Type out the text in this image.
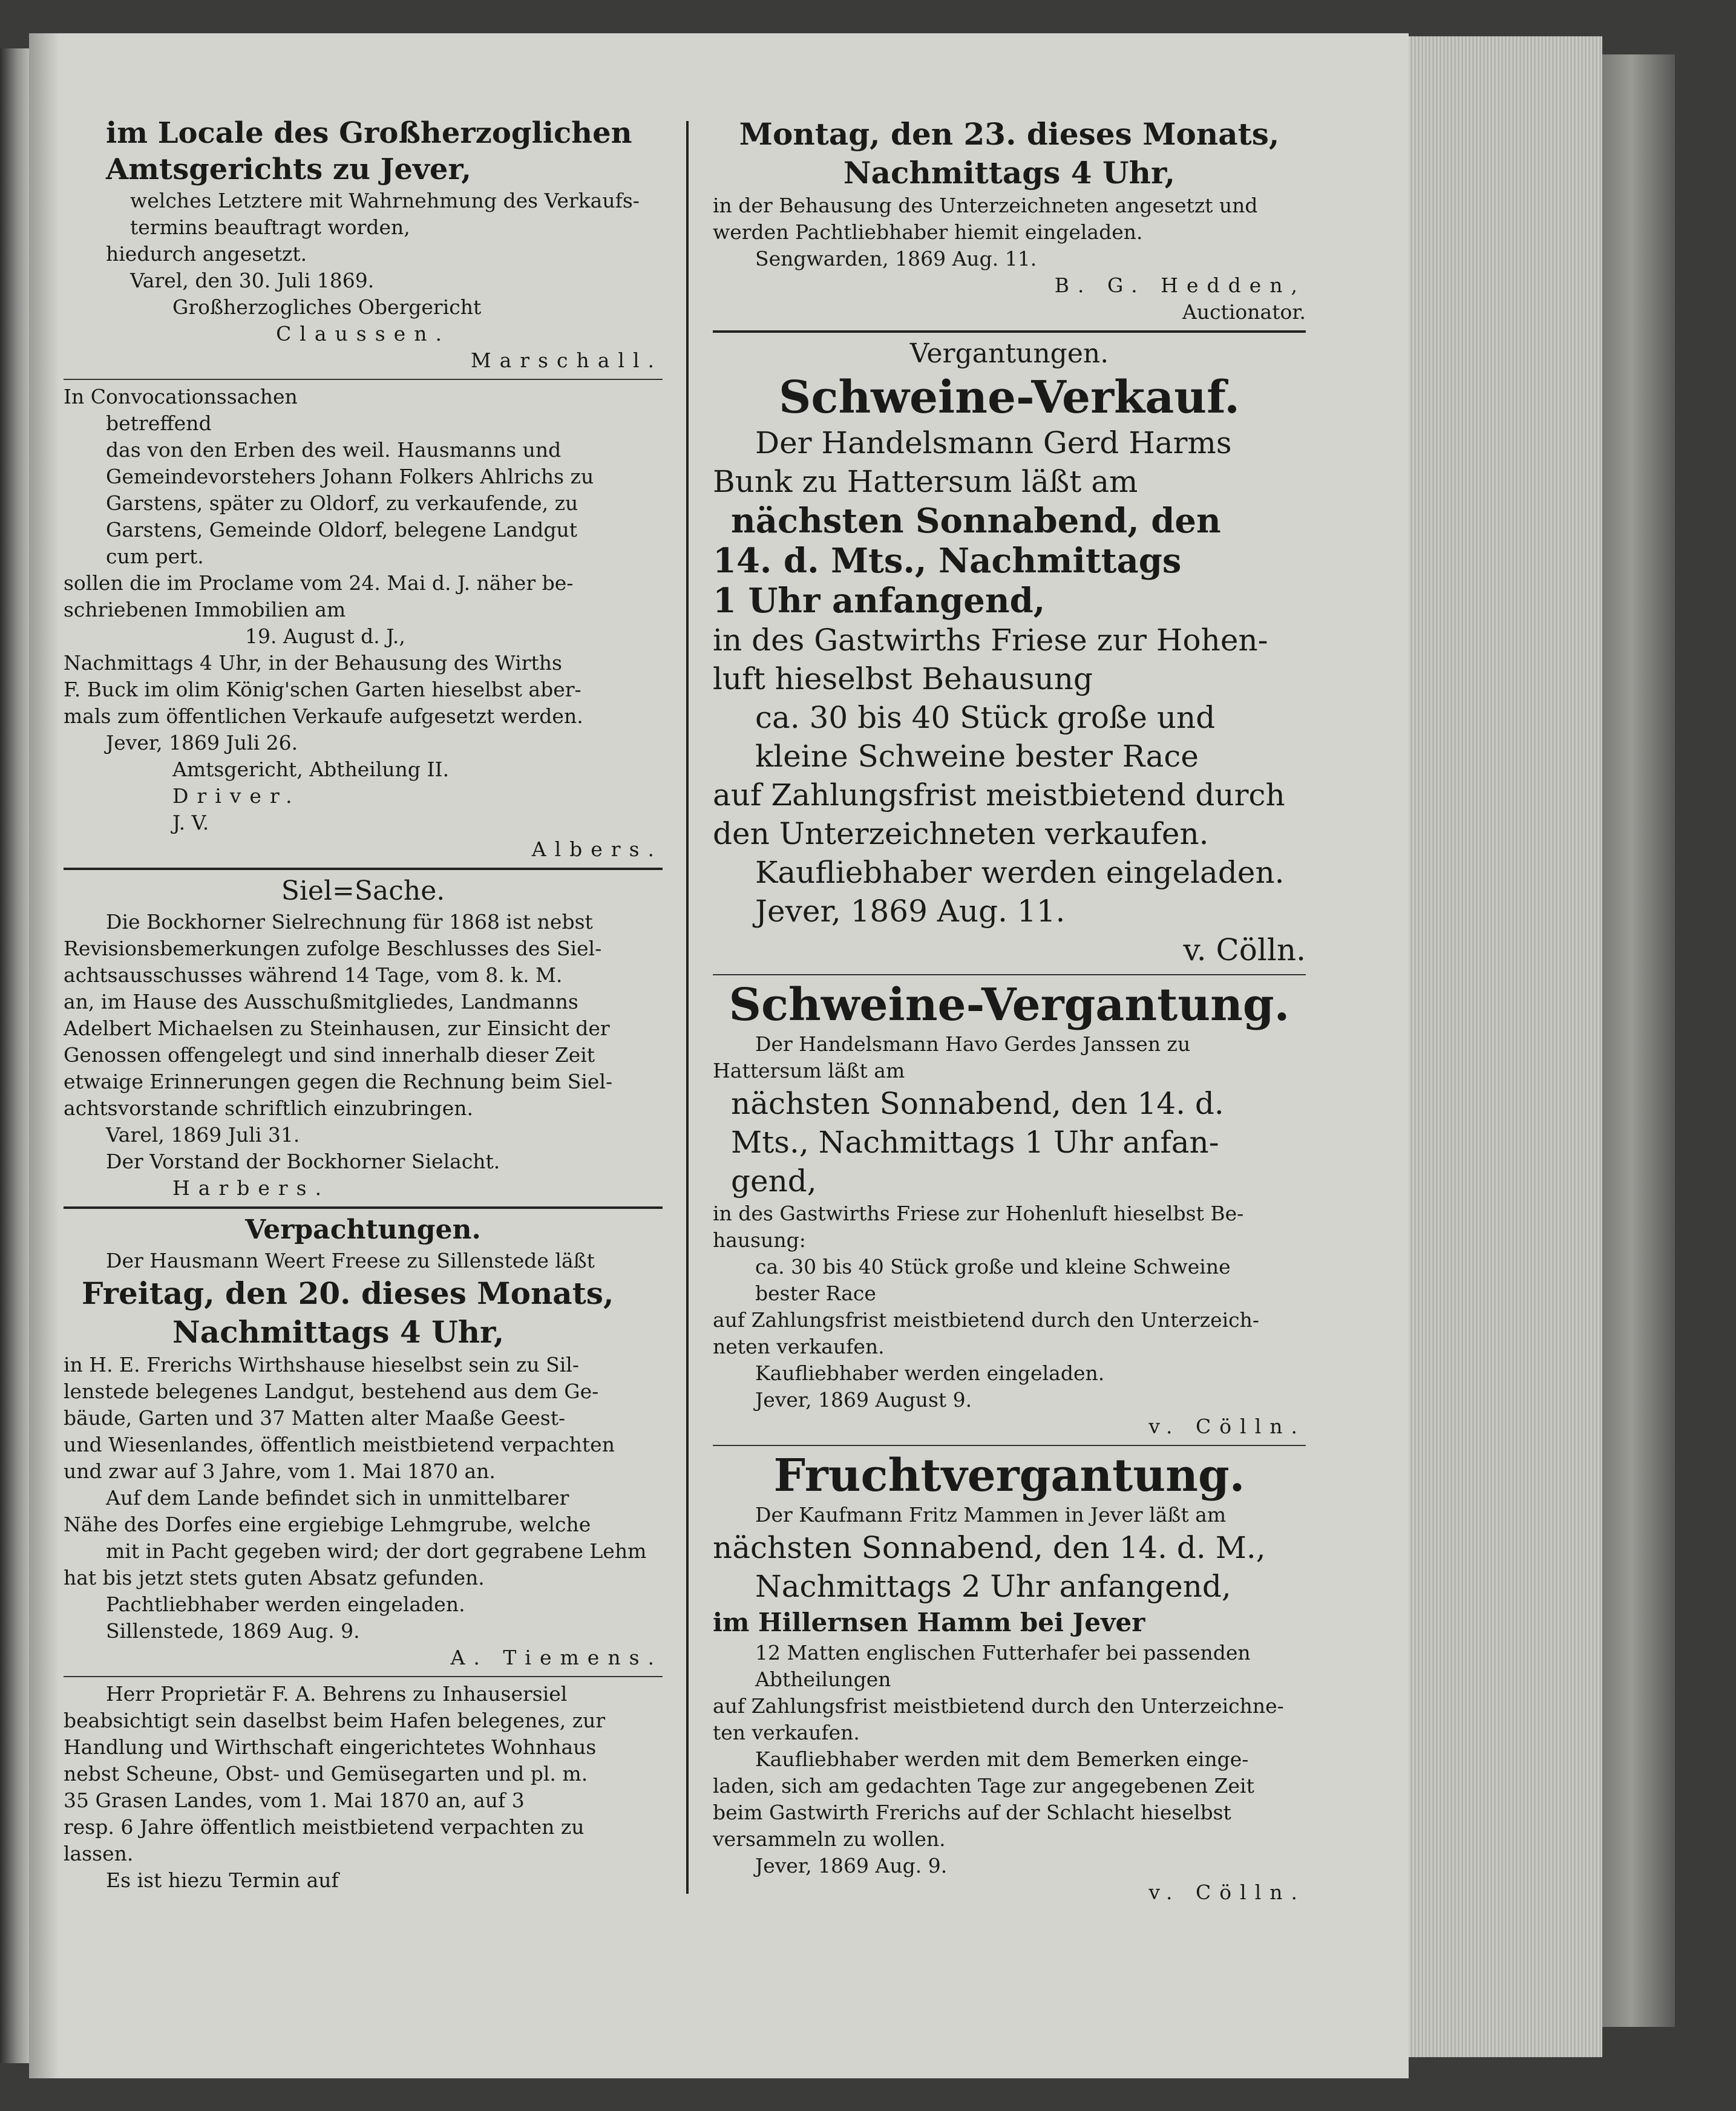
im Locale des Großherzoglichen
Amtsgerichts zu Jever,
welches Letztere mit Wahrnehmung des Verkaufs-
termins beauftragt worden,
hiedurch angesetzt.
Varel, den 30. Juli 1869.
Großherzogliches Obergericht
Claussen.
Marschall.
In Convocationssachen
betreffend
das von den Erben des weil. Hausmanns und
Gemeindevorstehers Johann Folkers Ahlrichs zu
Garstens, später zu Oldorf, zu verkaufende, zu
Garstens, Gemeinde Oldorf, belegene Landgut
cum pert.
sollen die im Proclame vom 24. Mai d. J. näher be-
schriebenen Immobilien am
19. August d. J.,
Nachmittags 4 Uhr, in der Behausung des Wirths
F. Buck im olim König'schen Garten hieselbst aber-
mals zum öffentlichen Verkaufe aufgesetzt werden.
Jever, 1869 Juli 26.
Amtsgericht, Abtheilung II.
Driver.
J. V.
Albers.
Siel=Sache.
Die Bockhorner Sielrechnung für 1868 ist nebst
Revisionsbemerkungen zufolge Beschlusses des Siel-
achtsausschusses während 14 Tage, vom 8. k. M.
an, im Hause des Ausschußmitgliedes, Landmanns
Adelbert Michaelsen zu Steinhausen, zur Einsicht der
Genossen offengelegt und sind innerhalb dieser Zeit
etwaige Erinnerungen gegen die Rechnung beim Siel-
achtsvorstande schriftlich einzubringen.
Varel, 1869 Juli 31.
Der Vorstand der Bockhorner Sielacht.
Harbers.
Verpachtungen.
Der Hausmann Weert Freese zu Sillenstede läßt
Freitag, den 20. dieses Monats,
Nachmittags 4 Uhr,
in H. E. Frerichs Wirthshause hieselbst sein zu Sil-
lenstede belegenes Landgut, bestehend aus dem Ge-
bäude, Garten und 37 Matten alter Maaße Geest-
und Wiesenlandes, öffentlich meistbietend verpachten
und zwar auf 3 Jahre, vom 1. Mai 1870 an.
Auf dem Lande befindet sich in unmittelbarer
Nähe des Dorfes eine ergiebige Lehmgrube, welche
mit in Pacht gegeben wird; der dort gegrabene Lehm
hat bis jetzt stets guten Absatz gefunden.
Pachtliebhaber werden eingeladen.
Sillenstede, 1869 Aug. 9.
A. Tiemens.
Herr Proprietär F. A. Behrens zu Inhausersiel
beabsichtigt sein daselbst beim Hafen belegenes, zur
Handlung und Wirthschaft eingerichtetes Wohnhaus
nebst Scheune, Obst- und Gemüsegarten und pl. m.
35 Grasen Landes, vom 1. Mai 1870 an, auf 3
resp. 6 Jahre öffentlich meistbietend verpachten zu
lassen.
Es ist hiezu Termin auf
Montag, den 23. dieses Monats,
Nachmittags 4 Uhr,
in der Behausung des Unterzeichneten angesetzt und
werden Pachtliebhaber hiemit eingeladen.
Sengwarden, 1869 Aug. 11.
B. G. Hedden,
Auctionator.
Vergantungen.
Schweine-Verkauf.
Der Handelsmann Gerd Harms
Bunk zu Hattersum läßt am
nächsten Sonnabend, den
14. d. Mts., Nachmittags
1 Uhr anfangend,
in des Gastwirths Friese zur Hohen-
luft hieselbst Behausung
ca. 30 bis 40 Stück große und
kleine Schweine bester Race
auf Zahlungsfrist meistbietend durch
den Unterzeichneten verkaufen.
Kaufliebhaber werden eingeladen.
Jever, 1869 Aug. 11.
v. Cölln.
Schweine-Vergantung.
Der Handelsmann Havo Gerdes Janssen zu
Hattersum läßt am
nächsten Sonnabend, den 14. d.
Mts., Nachmittags 1 Uhr anfan-
gend,
in des Gastwirths Friese zur Hohenluft hieselbst Be-
hausung:
ca. 30 bis 40 Stück große und kleine Schweine
bester Race
auf Zahlungsfrist meistbietend durch den Unterzeich-
neten verkaufen.
Kaufliebhaber werden eingeladen.
Jever, 1869 August 9.
v. Cölln.
Fruchtvergantung.
Der Kaufmann Fritz Mammen in Jever läßt am
nächsten Sonnabend, den 14. d. M.,
Nachmittags 2 Uhr anfangend,
im Hillernsen Hamm bei Jever
12 Matten englischen Futterhafer bei passenden
Abtheilungen
auf Zahlungsfrist meistbietend durch den Unterzeichne-
ten verkaufen.
Kaufliebhaber werden mit dem Bemerken einge-
laden, sich am gedachten Tage zur angegebenen Zeit
beim Gastwirth Frerichs auf der Schlacht hieselbst
versammeln zu wollen.
Jever, 1869 Aug. 9.
v. Cölln.
